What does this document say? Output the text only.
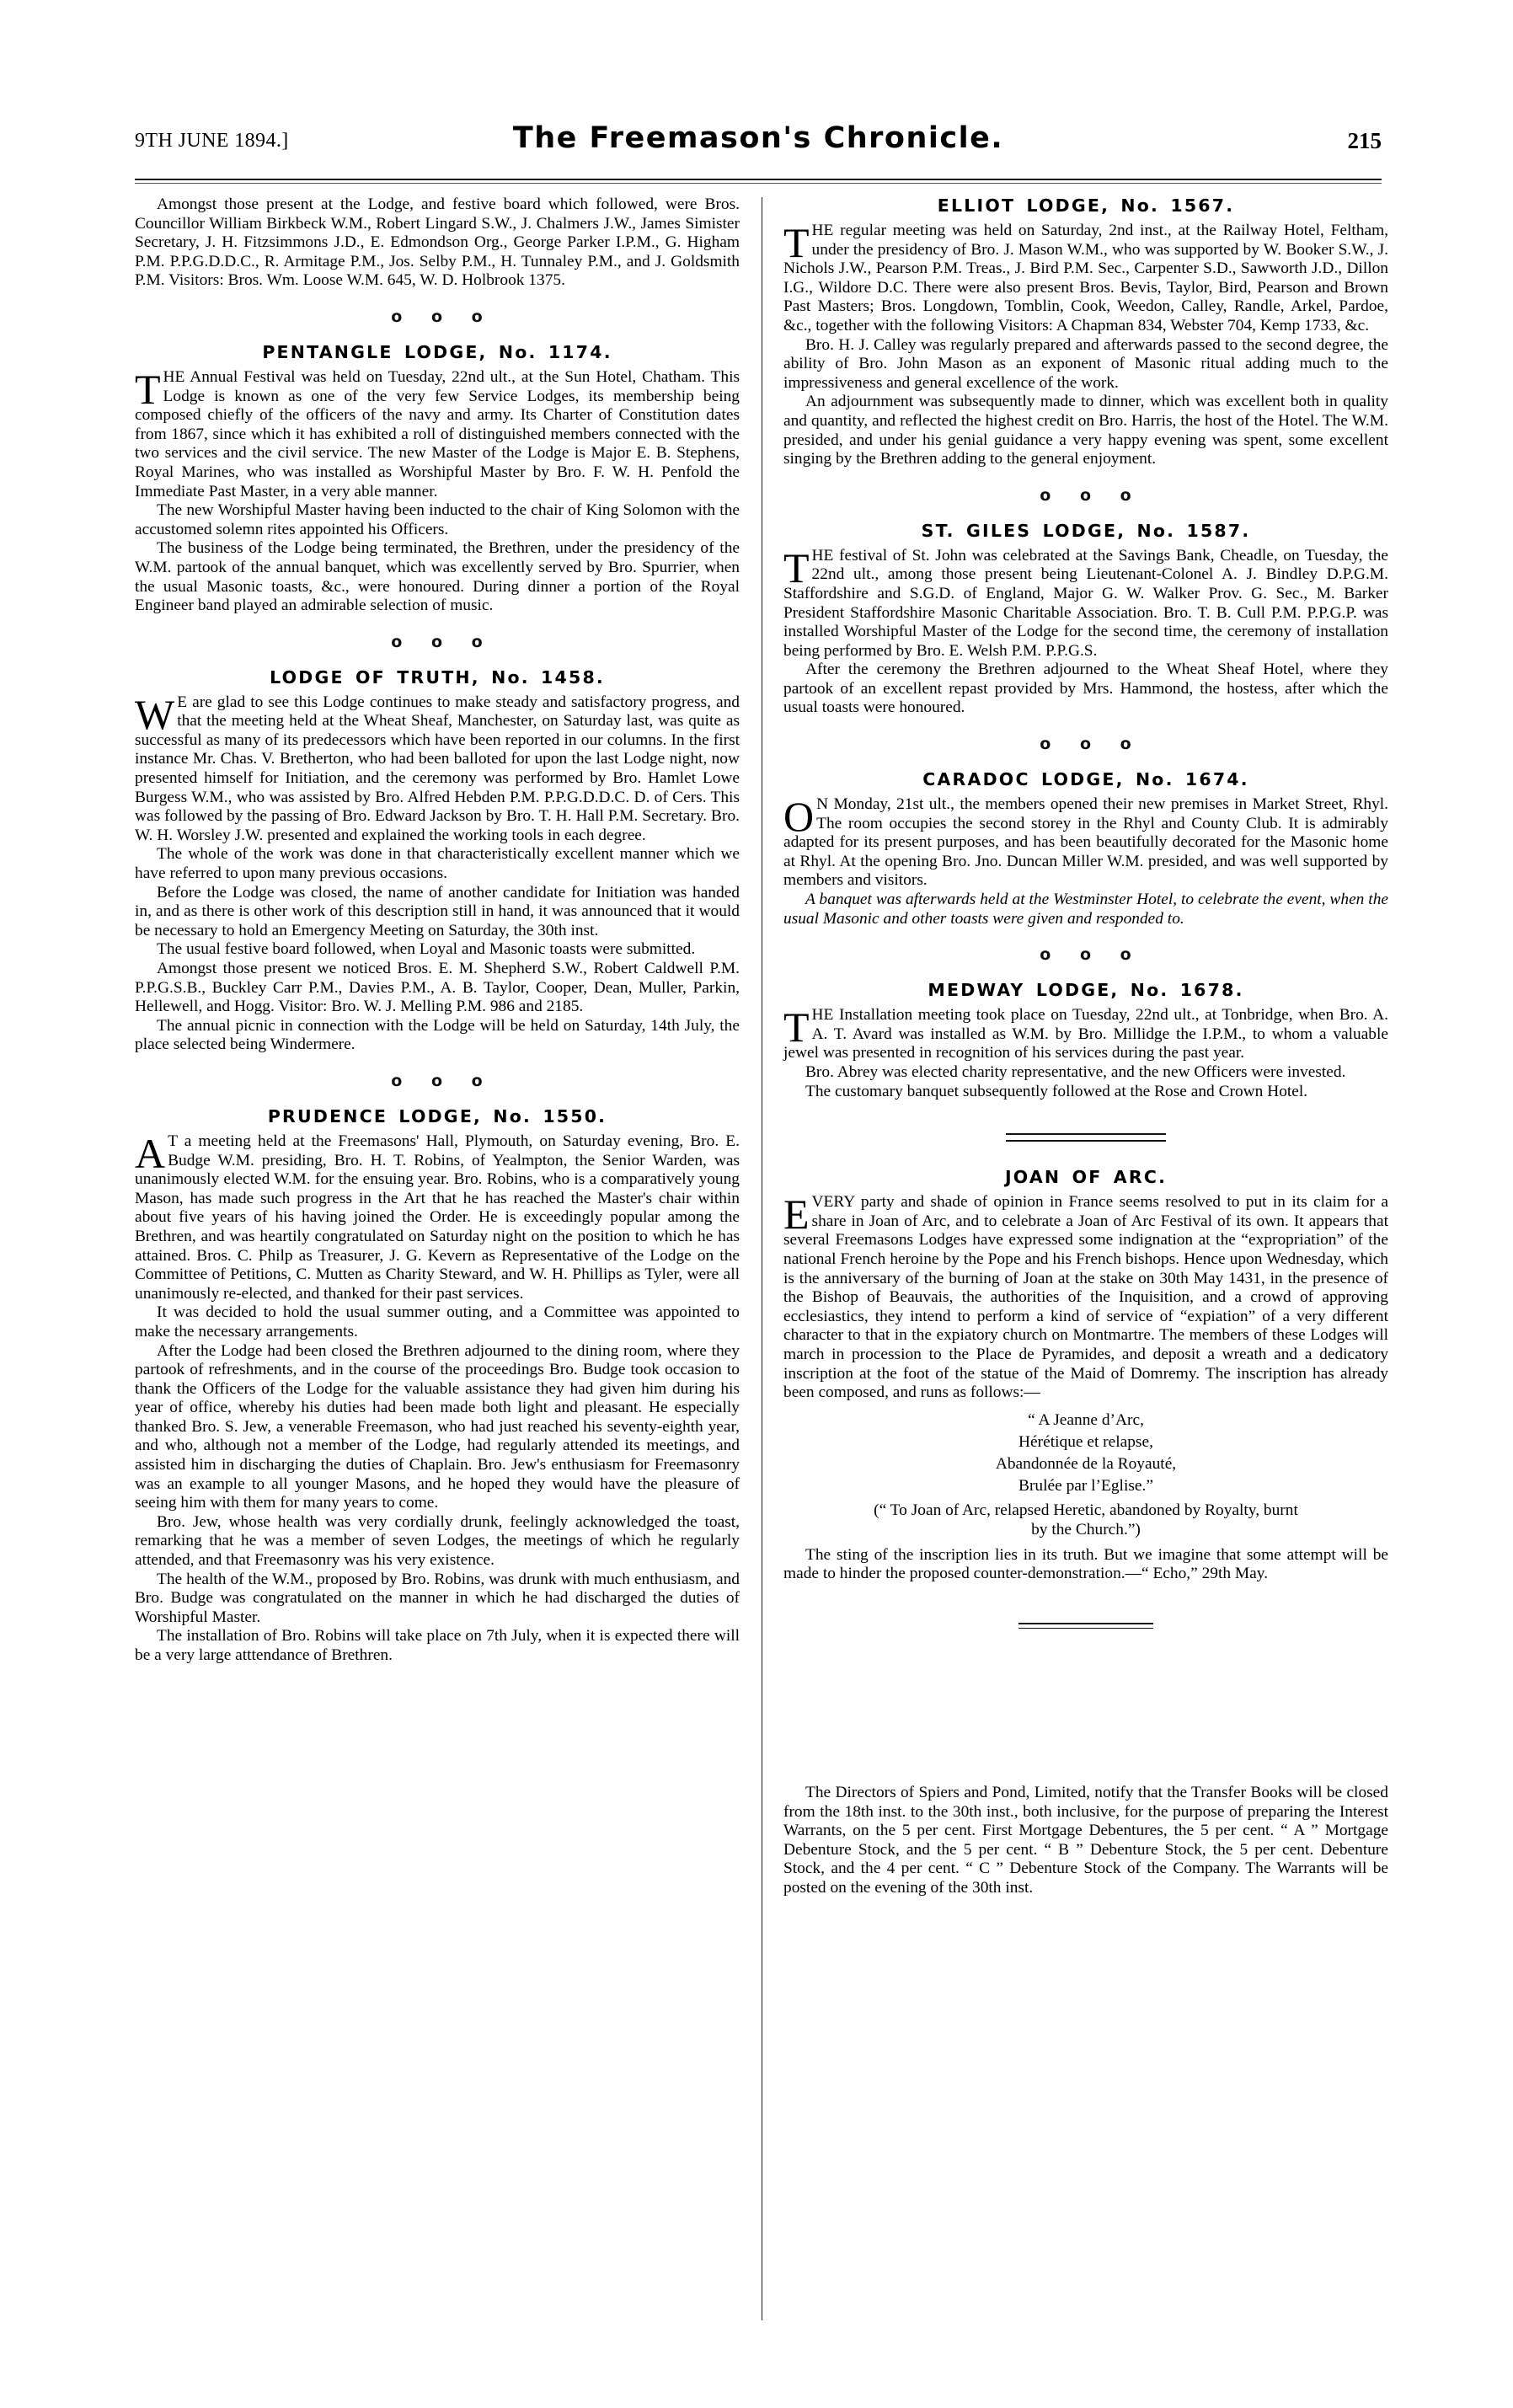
9TH JUNE 1894.]	The Freemason's Chronicle.	215

Amongst those present at the Lodge, and festive board which followed, were Bros. Councillor William Birkbeck W.M., Robert Lingard S.W., J. Chalmers J.W., James Simister Secretary, J. H. Fitzsimmons J.D., E. Edmondson Org., George Parker I.P.M., G. Higham P.M. P.P.G.D.D.C., R. Armitage P.M., Jos. Selby P.M., H. Tunnaley P.M., and J. Goldsmith P.M. Visitors: Bros. Wm. Loose W.M. 645, W. D. Holbrook 1375.

o o o
PENTANGLE LODGE, No. 1174.

THE Annual Festival was held on Tuesday, 22nd ult., at the Sun Hotel, Chatham. This Lodge is known as one of the very few Service Lodges, its membership being composed chiefly of the officers of the navy and army. Its Charter of Constitution dates from 1867, since which it has exhibited a roll of distinguished members connected with the two services and the civil service. The new Master of the Lodge is Major E. B. Stephens, Royal Marines, who was installed as Worshipful Master by Bro. F. W. H. Penfold the Immediate Past Master, in a very able manner.

The new Worshipful Master having been inducted to the chair of King Solomon with the accustomed solemn rites appointed his Officers.

The business of the Lodge being terminated, the Brethren, under the presidency of the W.M. partook of the annual banquet, which was excellently served by Bro. Spurrier, when the usual Masonic toasts, &c., were honoured. During dinner a portion of the Royal Engineer band played an admirable selection of music.

o o o
LODGE OF TRUTH, No. 1458.

W E are glad to see this Lodge continues to make steady and satisfactory progress, and that the meeting held at the Wheat Sheaf, Manchester, on Saturday last, was quite as successful as many of its predecessors which have been reported in our columns. In the first instance Mr. Chas. V. Bretherton, who had been balloted for upon the last Lodge night, now presented himself for Initiation, and the ceremony was performed by Bro. Hamlet Lowe Burgess W.M., who was assisted by Bro. Alfred Hebden P.M. P.P.G.D.D.C. D. of Cers. This was followed by the passing of Bro. Edward Jackson by Bro. T. H. Hall P.M. Secretary. Bro. W. H. Worsley J.W. presented and explained the working tools in each degree.

The whole of the work was done in that characteristically excellent manner which we have referred to upon many previous occasions.

Before the Lodge was closed, the name of another candidate for Initiation was handed in, and as there is other work of this description still in hand, it was announced that it would be necessary to hold an Emergency Meeting on Saturday, the 30th inst.

The usual festive board followed, when Loyal and Masonic toasts were submitted.

Amongst those present we noticed Bros. E. M. Shepherd S.W., Robert Caldwell P.M. P.P.G.S.B., Buckley Carr P.M., Davies P.M., A. B. Taylor, Cooper, Dean, Muller, Parkin, Hellewell, and Hogg. Visitor: Bro. W. J. Melling P.M. 986 and 2185.

The annual picnic in connection with the Lodge will be held on Saturday, 14th July, the place selected being Windermere.

o o o
PRUDENCE LODGE, No. 1550.

A T a meeting held at the Freemasons' Hall, Plymouth, on Saturday evening, Bro. E. Budge W.M. presiding, Bro. H. T. Robins, of Yealmpton, the Senior Warden, was unanimously elected W.M. for the ensuing year. Bro. Robins, who is a comparatively young Mason, has made such progress in the Art that he has reached the Master's chair within about five years of his having joined the Order. He is exceedingly popular among the Brethren, and was heartily congratulated on Saturday night on the position to which he has attained. Bros. C. Philp as Treasurer, J. G. Kevern as Representative of the Lodge on the Committee of Petitions, C. Mutten as Charity Steward, and W. H. Phillips as Tyler, were all unanimously re-elected, and thanked for their past services.

It was decided to hold the usual summer outing, and a Committee was appointed to make the necessary arrangements.

After the Lodge had been closed the Brethren adjourned to the dining room, where they partook of refreshments, and in the course of the proceedings Bro. Budge took occasion to thank the Officers of the Lodge for the valuable assistance they had given him during his year of office, whereby his duties had been made both light and pleasant. He especially thanked Bro. S. Jew, a venerable Freemason, who had just reached his seventy-eighth year, and who, although not a member of the Lodge, had regularly attended its meetings, and assisted him in discharging the duties of Chaplain. Bro. Jew's enthusiasm for Freemasonry was an example to all younger Masons, and he hoped they would have the pleasure of seeing him with them for many years to come.

Bro. Jew, whose health was very cordially drunk, feelingly acknowledged the toast, remarking that he was a member of seven Lodges, the meetings of which he regularly attended, and that Freemasonry was his very existence.

The health of the W.M., proposed by Bro. Robins, was drunk with much enthusiasm, and Bro. Budge was congratulated on the manner in which he had discharged the duties of Worshipful Master.

The installation of Bro. Robins will take place on 7th July, when it is expected there will be a very large atttendance of Brethren.

ELLIOT LODGE, No. 1567.

THE regular meeting was held on Saturday, 2nd inst., at the Railway Hotel, Feltham, under the presidency of Bro. J. Mason W.M., who was supported by W. Booker S.W., J. Nichols J.W., Pearson P.M. Treas., J. Bird P.M. Sec., Carpenter S.D., Sawworth J.D., Dillon I.G., Wildore D.C. There were also present Bros. Bevis, Taylor, Bird, Pearson and Brown Past Masters; Bros. Longdown, Tomblin, Cook, Weedon, Calley, Randle, Arkel, Pardoe, &c., together with the following Visitors: A Chapman 834, Webster 704, Kemp 1733, &c.

Bro. H. J. Calley was regularly prepared and afterwards passed to the second degree, the ability of Bro. John Mason as an exponent of Masonic ritual adding much to the impressiveness and general excellence of the work.

An adjournment was subsequently made to dinner, which was excellent both in quality and quantity, and reflected the highest credit on Bro. Harris, the host of the Hotel. The W.M. presided, and under his genial guidance a very happy evening was spent, some excellent singing by the Brethren adding to the general enjoyment.

o o o
ST. GILES LODGE, No. 1587.

THE festival of St. John was celebrated at the Savings Bank, Cheadle, on Tuesday, the 22nd ult., among those present being Lieutenant-Colonel A. J. Bindley D.P.G.M. Staffordshire and S.G.D. of England, Major G. W. Walker Prov. G. Sec., M. Barker President Staffordshire Masonic Charitable Association. Bro. T. B. Cull P.M. P.P.G.P. was installed Worshipful Master of the Lodge for the second time, the ceremony of installation being performed by Bro. E. Welsh P.M. P.P.G.S.

After the ceremony the Brethren adjourned to the Wheat Sheaf Hotel, where they partook of an excellent repast provided by Mrs. Hammond, the hostess, after which the usual toasts were honoured.

o o o
CARADOC LODGE, No. 1674.

O N Monday, 21st ult., the members opened their new premises in Market Street, Rhyl. The room occupies the second storey in the Rhyl and County Club. It is admirably adapted for its present purposes, and has been beautifully decorated for the Masonic home at Rhyl. At the opening Bro. Jno. Duncan Miller W.M. presided, and was well supported by members and visitors.

A banquet was afterwards held at the Westminster Hotel, to celebrate the event, when the usual Masonic and other toasts were given and responded to.

o o o
MEDWAY LODGE, No. 1678.

THE Installation meeting took place on Tuesday, 22nd ult., at Tonbridge, when Bro. A. A. T. Avard was installed as W.M. by Bro. Millidge the I.P.M., to whom a valuable jewel was presented in recognition of his services during the past year.

Bro. Abrey was elected charity representative, and the new Officers were invested.

The customary banquet subsequently followed at the Rose and Crown Hotel.

JOAN OF ARC.

EVERY party and shade of opinion in France seems resolved to put in its claim for a share in Joan of Arc, and to celebrate a Joan of Arc Festival of its own. It appears that several Freemasons Lodges have expressed some indignation at the “expropriation” of the national French heroine by the Pope and his French bishops. Hence upon Wednesday, which is the anniversary of the burning of Joan at the stake on 30th May 1431, in the presence of the Bishop of Beauvais, the authorities of the Inquisition, and a crowd of approving ecclesiastics, they intend to perform a kind of service of “expiation” of a very different character to that in the expiatory church on Montmartre. The members of these Lodges will march in procession to the Place de Pyramides, and deposit a wreath and a dedicatory inscription at the foot of the statue of the Maid of Domremy. The inscription has already been composed, and runs as follows:—

“ A Jeanne d’Arc,
Hérétique et relapse,
Abandonnée de la Royauté,
Brulée par l’Eglise.”
(“ To Joan of Arc, relapsed Heretic, abandoned by Royalty, burnt
by the Church.”)

The sting of the inscription lies in its truth. But we imagine that some attempt will be made to hinder the proposed counter-demonstration.—“ Echo,” 29th May.

The Directors of Spiers and Pond, Limited, notify that the Transfer Books will be closed from the 18th inst. to the 30th inst., both inclusive, for the purpose of preparing the Interest Warrants, on the 5 per cent. First Mortgage Debentures, the 5 per cent. “ A ” Mortgage Debenture Stock, and the 5 per cent. “ B ” Debenture Stock, the 5 per cent. Debenture Stock, and the 4 per cent. “ C ” Debenture Stock of the Company. The Warrants will be posted on the evening of the 30th inst.
